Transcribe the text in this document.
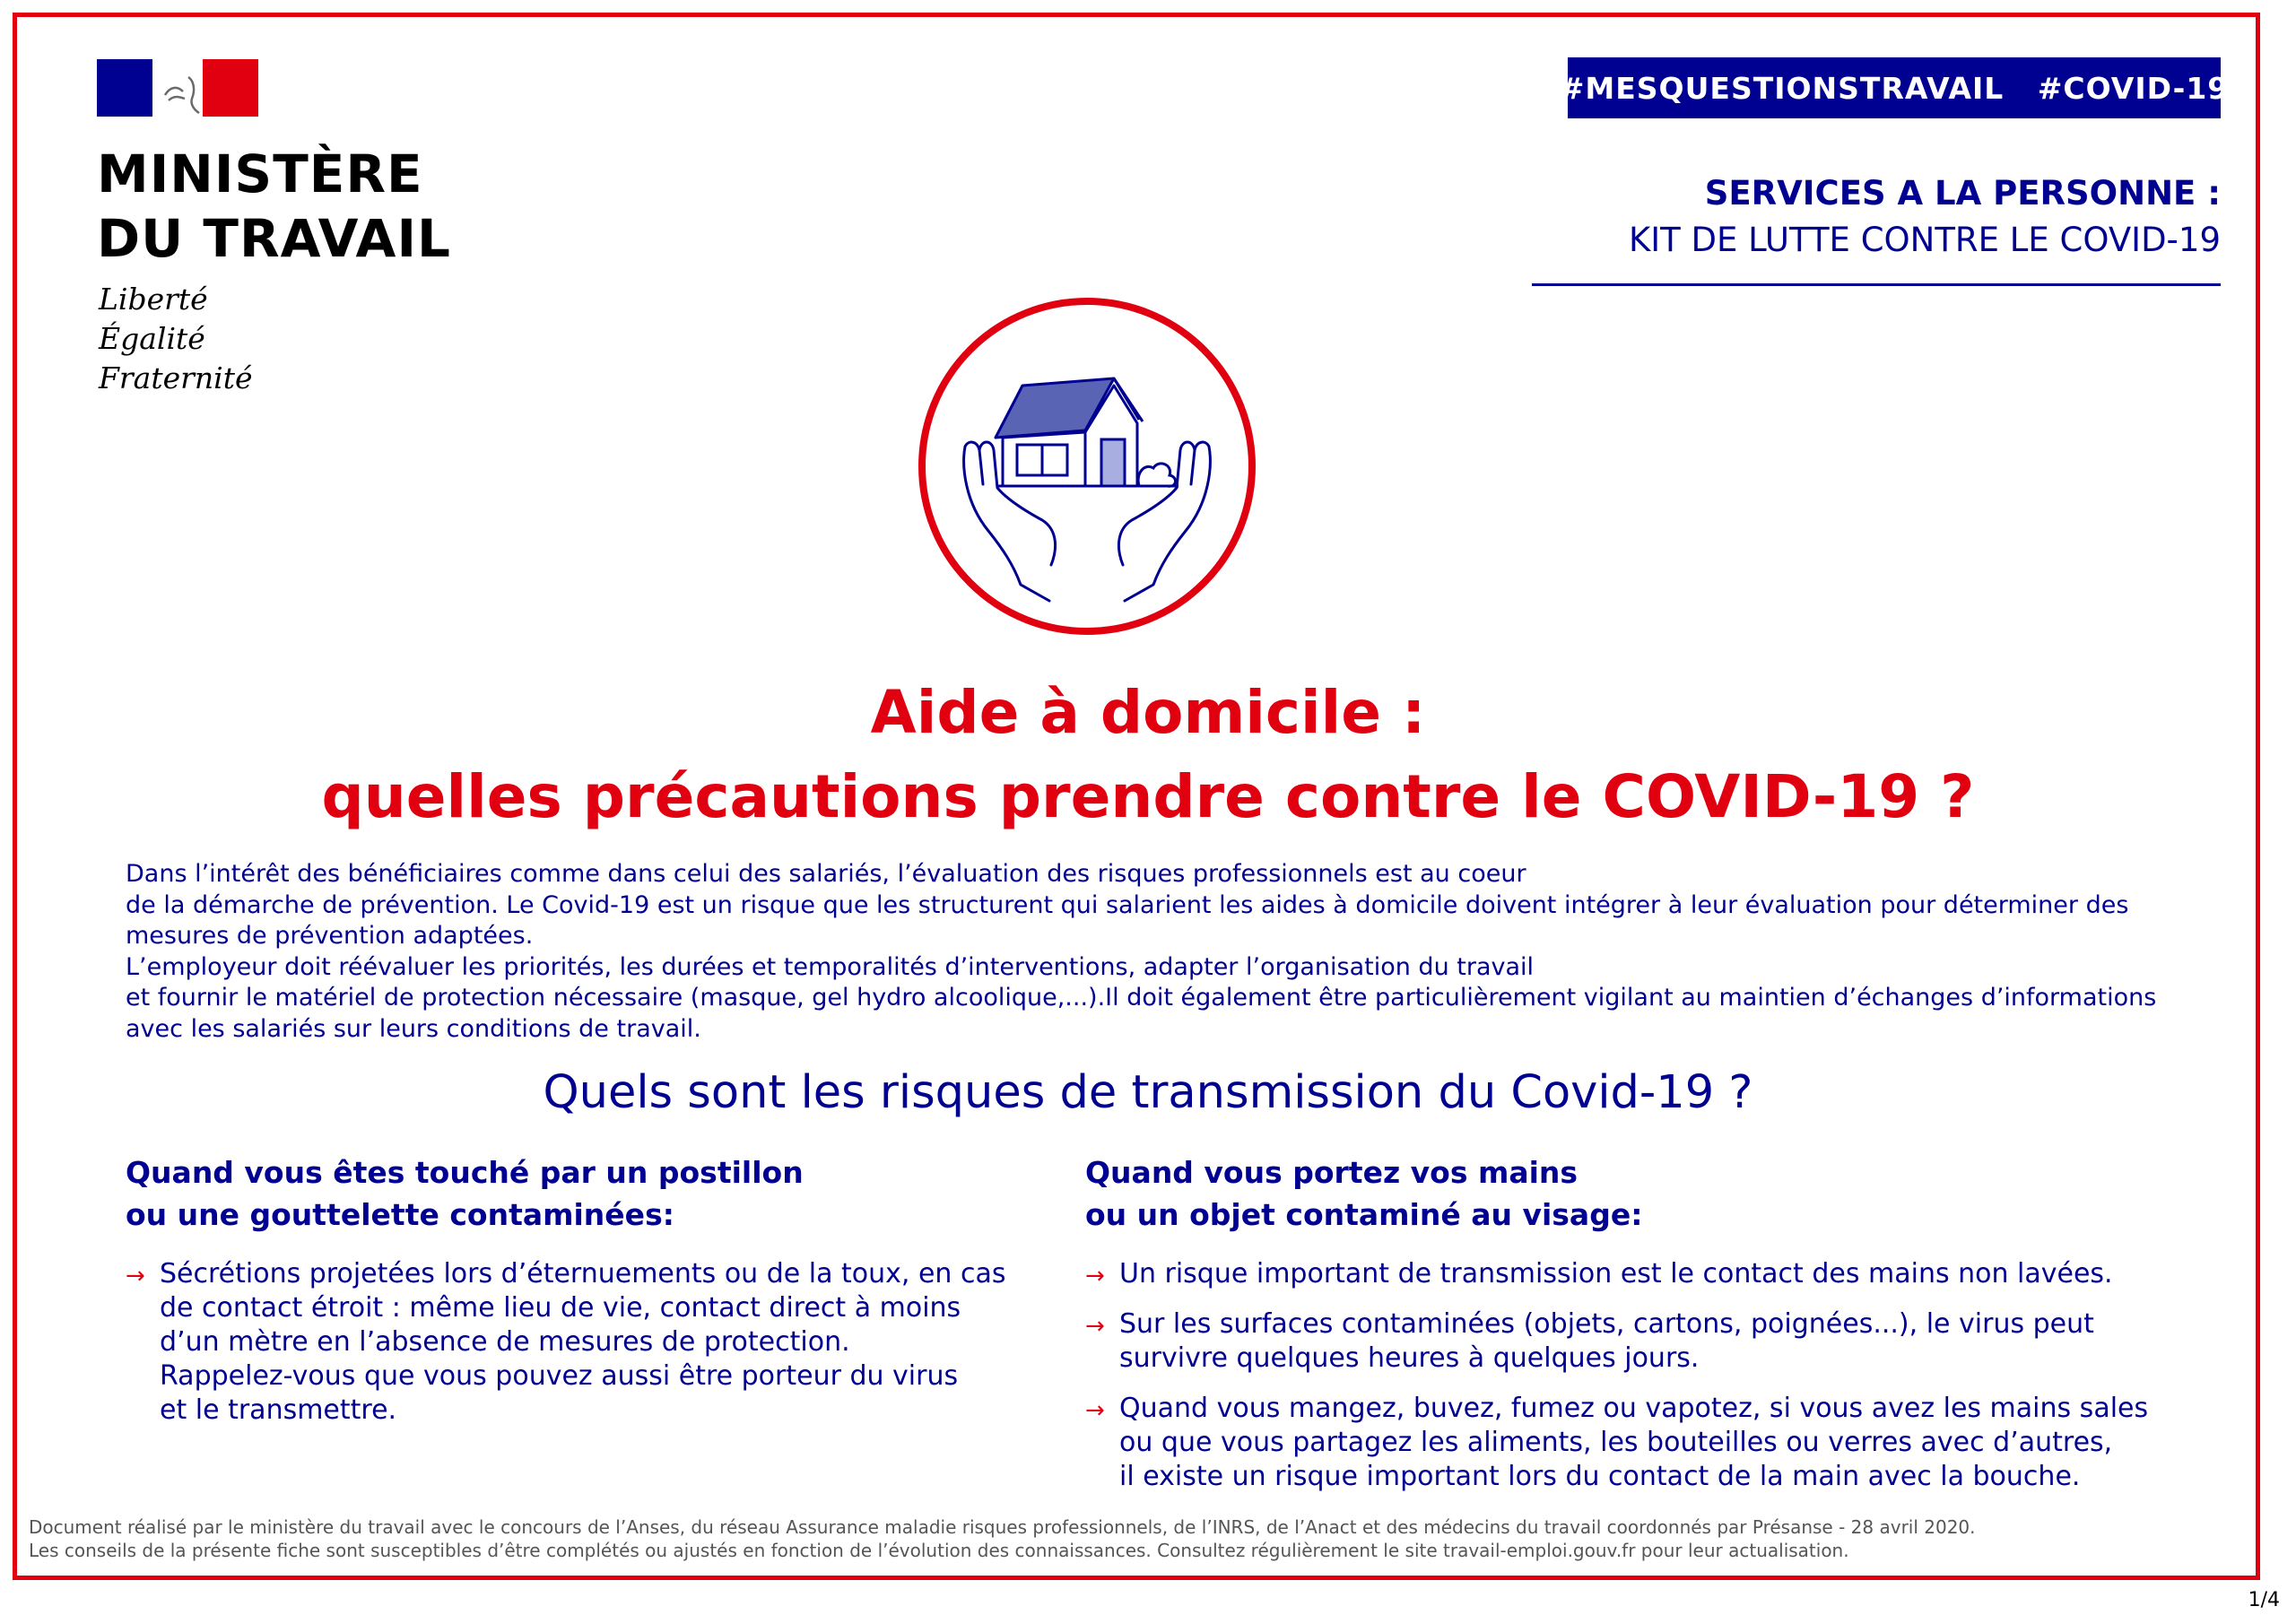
MINISTÈRE
DU TRAVAIL
Liberté
Égalité
Fraternité
#MESQUESTIONSTRAVAIL   #COVID-19
SERVICES A LA PERSONNE :
KIT DE LUTTE CONTRE LE COVID-19
Aide à domicile :
quelles précautions prendre contre le COVID-19 ?

Dans l’intérêt des bénéficiaires comme dans celui des salariés, l’évaluation des risques professionnels est au coeur

de la démarche de prévention. Le Covid-19 est un risque que les structurent qui salarient les aides à domicile doivent intégrer à leur évaluation pour déterminer des

mesures de prévention adaptées.

L’employeur doit réévaluer les priorités, les durées et temporalités d’interventions, adapter l’organisation du travail

et fournir le matériel de protection nécessaire (masque, gel hydro alcoolique,...).Il doit également être particulièrement vigilant au maintien d’échanges d’informations

avec les salariés sur leurs conditions de travail.

Quels sont les risques de transmission du Covid-19 ?
Quand vous êtes touché par un postillon
ou une gouttelette contaminées:
→ Sécrétions projetées lors d’éternuements ou de la toux, en cas
de contact étroit : même lieu de vie, contact direct à moins
d’un mètre en l’absence de mesures de protection.
Rappelez-vous que vous pouvez aussi être porteur du virus
et le transmettre.
Quand vous portez vos mains
ou un objet contaminé au visage:
→ Un risque important de transmission est le contact des mains non lavées.
→ Sur les surfaces contaminées (objets, cartons, poignées...), le virus peut
survivre quelques heures à quelques jours.
→ Quand vous mangez, buvez, fumez ou vapotez, si vous avez les mains sales
ou que vous partagez les aliments, les bouteilles ou verres avec d’autres,
il existe un risque important lors du contact de la main avec la bouche.

Document réalisé par le ministère du travail avec le concours de l’Anses, du réseau Assurance maladie risques professionnels, de l’INRS, de l’Anact et des médecins du travail coordonnés par Présanse - 28 avril 2020.

Les conseils de la présente fiche sont susceptibles d’être complétés ou ajustés en fonction de l’évolution des connaissances. Consultez régulièrement le site travail-emploi.gouv.fr pour leur actualisation.

1/4
